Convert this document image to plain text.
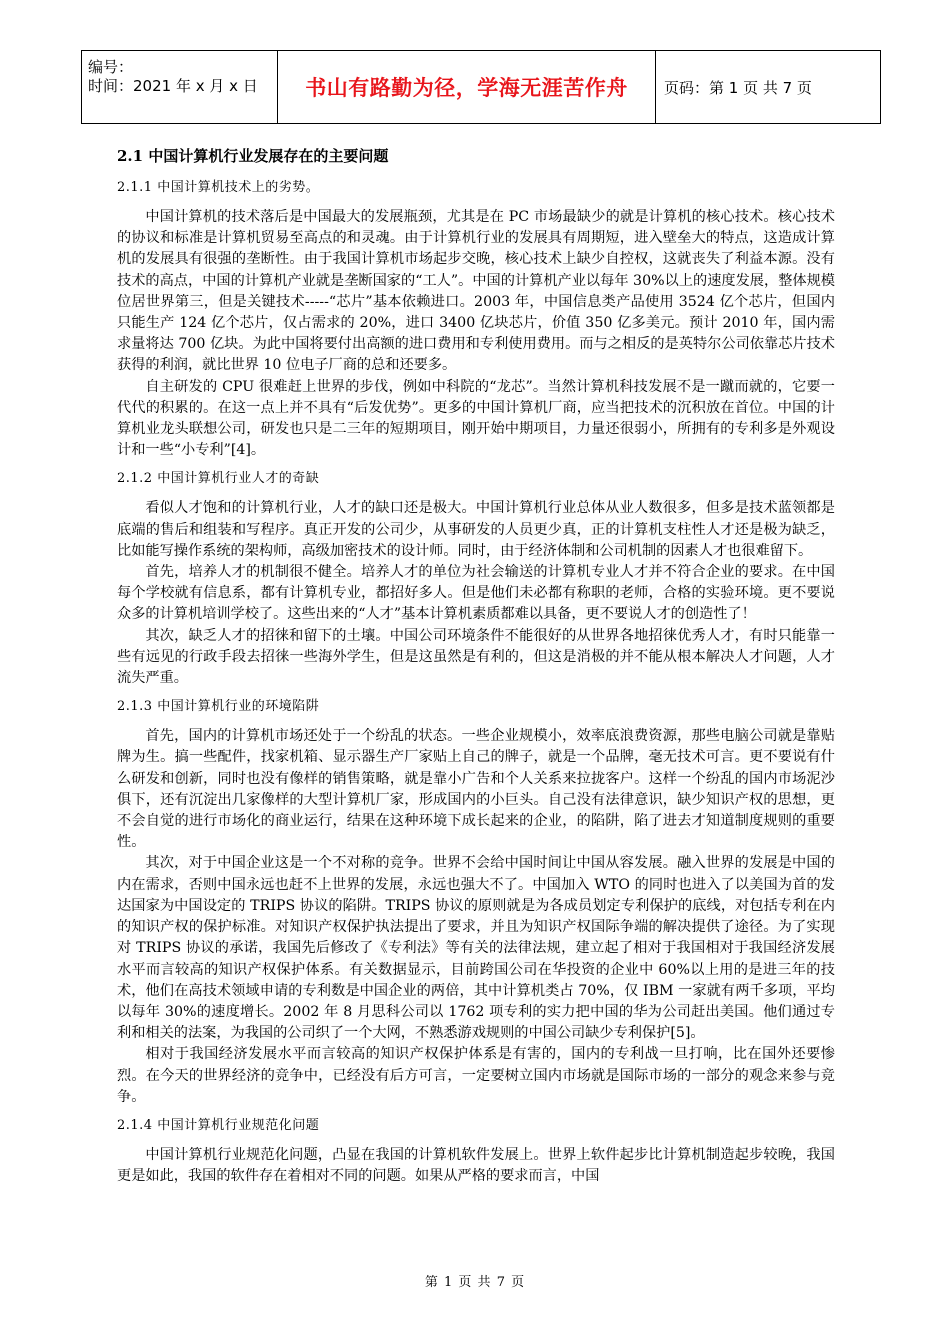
编号：
时间：2021 年 x 月 x 日	书山有路勤为径，学海无涯苦作舟 页码：第 1 页 共 7 页
2.1 中国计算机行业发展存在的主要问题
2.1.1 中国计算机技术上的劣势。

中国计算机的技术落后是中国最大的发展瓶颈，尤其是在 PC 市场最缺少的就是计算机的核心技术。核心技术的协议和标准是计算机贸易至高点的和灵魂。由于计算机行业的发展具有周期短，进入壁垒大的特点，这造成计算机的发展具有很强的垄断性。由于我国计算机市场起步交晚，核心技术上缺少自控权，这就丧失了利益本源。没有技术的高点，中国的计算机产业就是垄断国家的“工人”。中国的计算机产业以每年 30%以上的速度发展，整体规模位居世界第三，但是关键技术-----“芯片”基本依赖进口。2003 年，中国信息类产品使用 3524 亿个芯片，但国内只能生产 124 亿个芯片，仅占需求的 20%，进口 3400 亿块芯片，价值 350 亿多美元。预计 2010 年，国内需求量将达 700 亿块。为此中国将要付出高额的进口费用和专利使用费用。而与之相反的是英特尔公司依靠芯片技术获得的利润，就比世界 10 位电子厂商的总和还要多。

自主研发的 CPU 很难赶上世界的步伐，例如中科院的“龙芯”。当然计算机科技发展不是一蹴而就的，它要一代代的积累的。在这一点上并不具有“后发优势”。更多的中国计算机厂商，应当把技术的沉积放在首位。中国的计算机业龙头联想公司，研发也只是二三年的短期项目，刚开始中期项目，力量还很弱小，所拥有的专利多是外观设计和一些“小专利”[4]。

2.1.2 中国计算机行业人才的奇缺

看似人才饱和的计算机行业，人才的缺口还是极大。中国计算机行业总体从业人数很多，但多是技术蓝领都是底端的售后和组装和写程序。真正开发的公司少，从事研发的人员更少真，正的计算机支柱性人才还是极为缺乏，比如能写操作系统的架构师，高级加密技术的设计师。同时，由于经济体制和公司机制的因素人才也很难留下。

首先，培养人才的机制很不健全。培养人才的单位为社会输送的计算机专业人才并不符合企业的要求。在中国每个学校就有信息系，都有计算机专业，都招好多人。但是他们未必都有称职的老师，合格的实验环境。更不要说众多的计算机培训学校了。这些出来的“人才”基本计算机素质都难以具备，更不要说人才的创造性了！

其次，缺乏人才的招徕和留下的土壤。中国公司环境条件不能很好的从世界各地招徕优秀人才，有时只能靠一些有远见的行政手段去招徕一些海外学生，但是这虽然是有利的，但这是消极的并不能从根本解决人才问题，人才流失严重。

2.1.3 中国计算机行业的环境陷阱

首先，国内的计算机市场还处于一个纷乱的状态。一些企业规模小，效率底浪费资源，那些电脑公司就是靠贴牌为生。搞一些配件，找家机箱、显示器生产厂家贴上自己的牌子，就是一个品牌，毫无技术可言。更不要说有什么研发和创新，同时也没有像样的销售策略，就是靠小广告和个人关系来拉拢客户。这样一个纷乱的国内市场泥沙俱下，还有沉淀出几家像样的大型计算机厂家，形成国内的小巨头。自己没有法律意识，缺少知识产权的思想，更不会自觉的进行市场化的商业运行，结果在这种环境下成长起来的企业，的陷阱，陷了进去才知道制度规则的重要性。

其次，对于中国企业这是一个不对称的竞争。世界不会给中国时间让中国从容发展。融入世界的发展是中国的内在需求，否则中国永远也赶不上世界的发展，永远也强大不了。中国加入 WTO 的同时也进入了以美国为首的发达国家为中国设定的 TRIPS 协议的陷阱。TRIPS 协议的原则就是为各成员划定专利保护的底线，对包括专利在内的知识产权的保护标准。对知识产权保护执法提出了要求，并且为知识产权国际争端的解决提供了途径。为了实现对 TRIPS 协议的承诺，我国先后修改了《专利法》等有关的法律法规，建立起了相对于我国相对于我国经济发展水平而言较高的知识产权保护体系。有关数据显示，目前跨国公司在华投资的企业中 60%以上用的是进三年的技术，他们在高技术领域申请的专利数是中国企业的两倍，其中计算机类占 70%，仅 IBM 一家就有两千多项，平均以每年 30%的速度增长。2002 年 8 月思科公司以 1762 项专利的实力把中国的华为公司赶出美国。他们通过专利和相关的法案，为我国的公司织了一个大网，不熟悉游戏规则的中国公司缺少专利保护[5]。

相对于我国经济发展水平而言较高的知识产权保护体系是有害的，国内的专利战一旦打响，比在国外还要惨烈。在今天的世界经济的竞争中，已经没有后方可言，一定要树立国内市场就是国际市场的一部分的观念来参与竞争。

2.1.4 中国计算机行业规范化问题

中国计算机行业规范化问题，凸显在我国的计算机软件发展上。世界上软件起步比计算机制造起步较晚，我国更是如此，我国的软件存在着相对不同的问题。如果从严格的要求而言，中国

第 1 页 共 7 页
